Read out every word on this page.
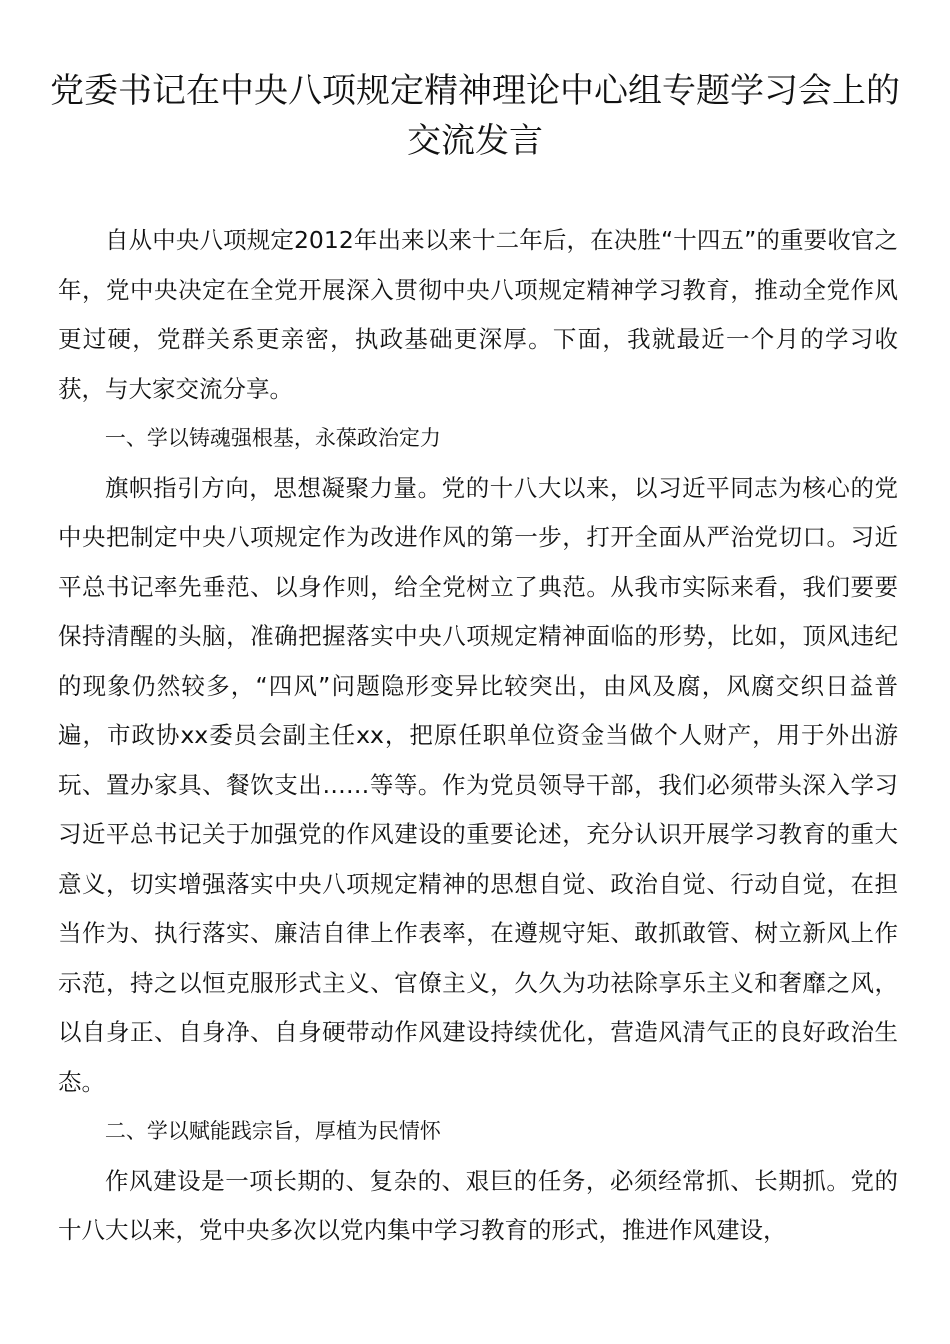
党委书记在中央八项规定精神理论中心组专题学习会上的交流发言

自从中央八项规定2012年出来以来十二年后，在决胜“十四五”的重要收官之年，党中央决定在全党开展深入贯彻中央八项规定精神学习教育，推动全党作风更过硬，党群关系更亲密，执政基础更深厚。下面，我就最近一个月的学习收获，与大家交流分享。

一、学以铸魂强根基，永葆政治定力

旗帜指引方向，思想凝聚力量。党的十八大以来，以习近平同志为核心的党中央把制定中央八项规定作为改进作风的第一步，打开全面从严治党切口。习近平总书记率先垂范、以身作则，给全党树立了典范。从我市实际来看，我们要要保持清醒的头脑，准确把握落实中央八项规定精神面临的形势，比如，顶风违纪的现象仍然较多，“四风”问题隐形变异比较突出，由风及腐，风腐交织日益普遍，市政协xx委员会副主任xx，把原任职单位资金当做个人财产，用于外出游玩、置办家具、餐饮支出……等等。作为党员领导干部，我们必须带头深入学习习近平总书记关于加强党的作风建设的重要论述，充分认识开展学习教育的重大意义，切实增强落实中央八项规定精神的思想自觉、政治自觉、行动自觉，在担当作为、执行落实、廉洁自律上作表率，在遵规守矩、敢抓敢管、树立新风上作示范，持之以恒克服形式主义、官僚主义，久久为功祛除享乐主义和奢靡之风，以自身正、自身净、自身硬带动作风建设持续优化，营造风清气正的良好政治生态。

二、学以赋能践宗旨，厚植为民情怀

作风建设是一项长期的、复杂的、艰巨的任务，必须经常抓、长期抓。党的十八大以来，党中央多次以党内集中学习教育的形式，推进作风建设，
